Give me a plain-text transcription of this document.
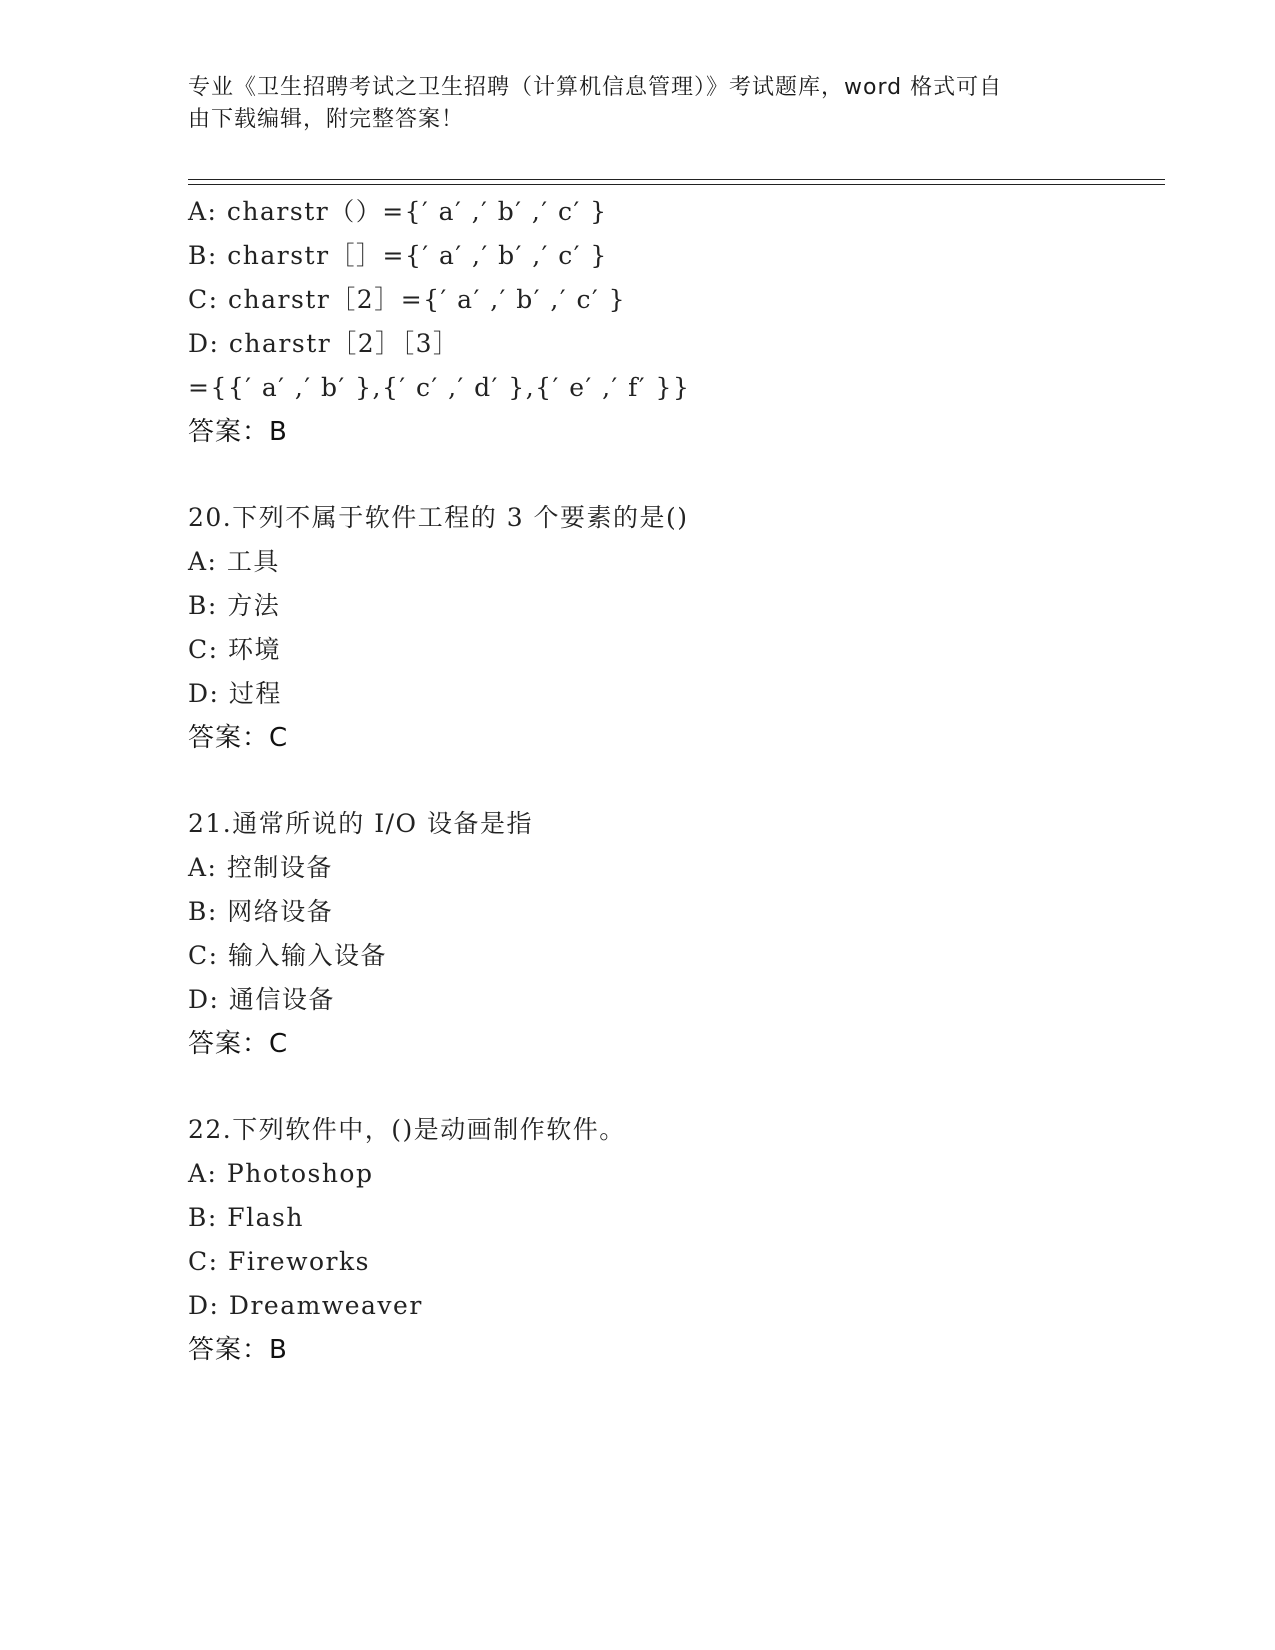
专业《卫生招聘考试之卫生招聘（计算机信息管理）》考试题库，word 格式可自
由下载编辑，附完整答案！
A: charstr（）={′ a′ ,′ b′ ,′ c′ }
B: charstr［］={′ a′ ,′ b′ ,′ c′ }
C: charstr［2］={′ a′ ,′ b′ ,′ c′ }
D: charstr［2］［3］
={{′ a′ ,′ b′ },{′ c′ ,′ d′ },{′ e′ ,′ f′ }}
答案：B
20.下列不属于软件工程的 3 个要素的是()
A: 工具
B: 方法
C: 环境
D: 过程
答案：C
21.通常所说的 I/O 设备是指
A: 控制设备
B: 网络设备
C: 输入输入设备
D: 通信设备
答案：C
22.下列软件中，()是动画制作软件。
A: Photoshop
B: Flash
C: Fireworks
D: Dreamweaver
答案：B
